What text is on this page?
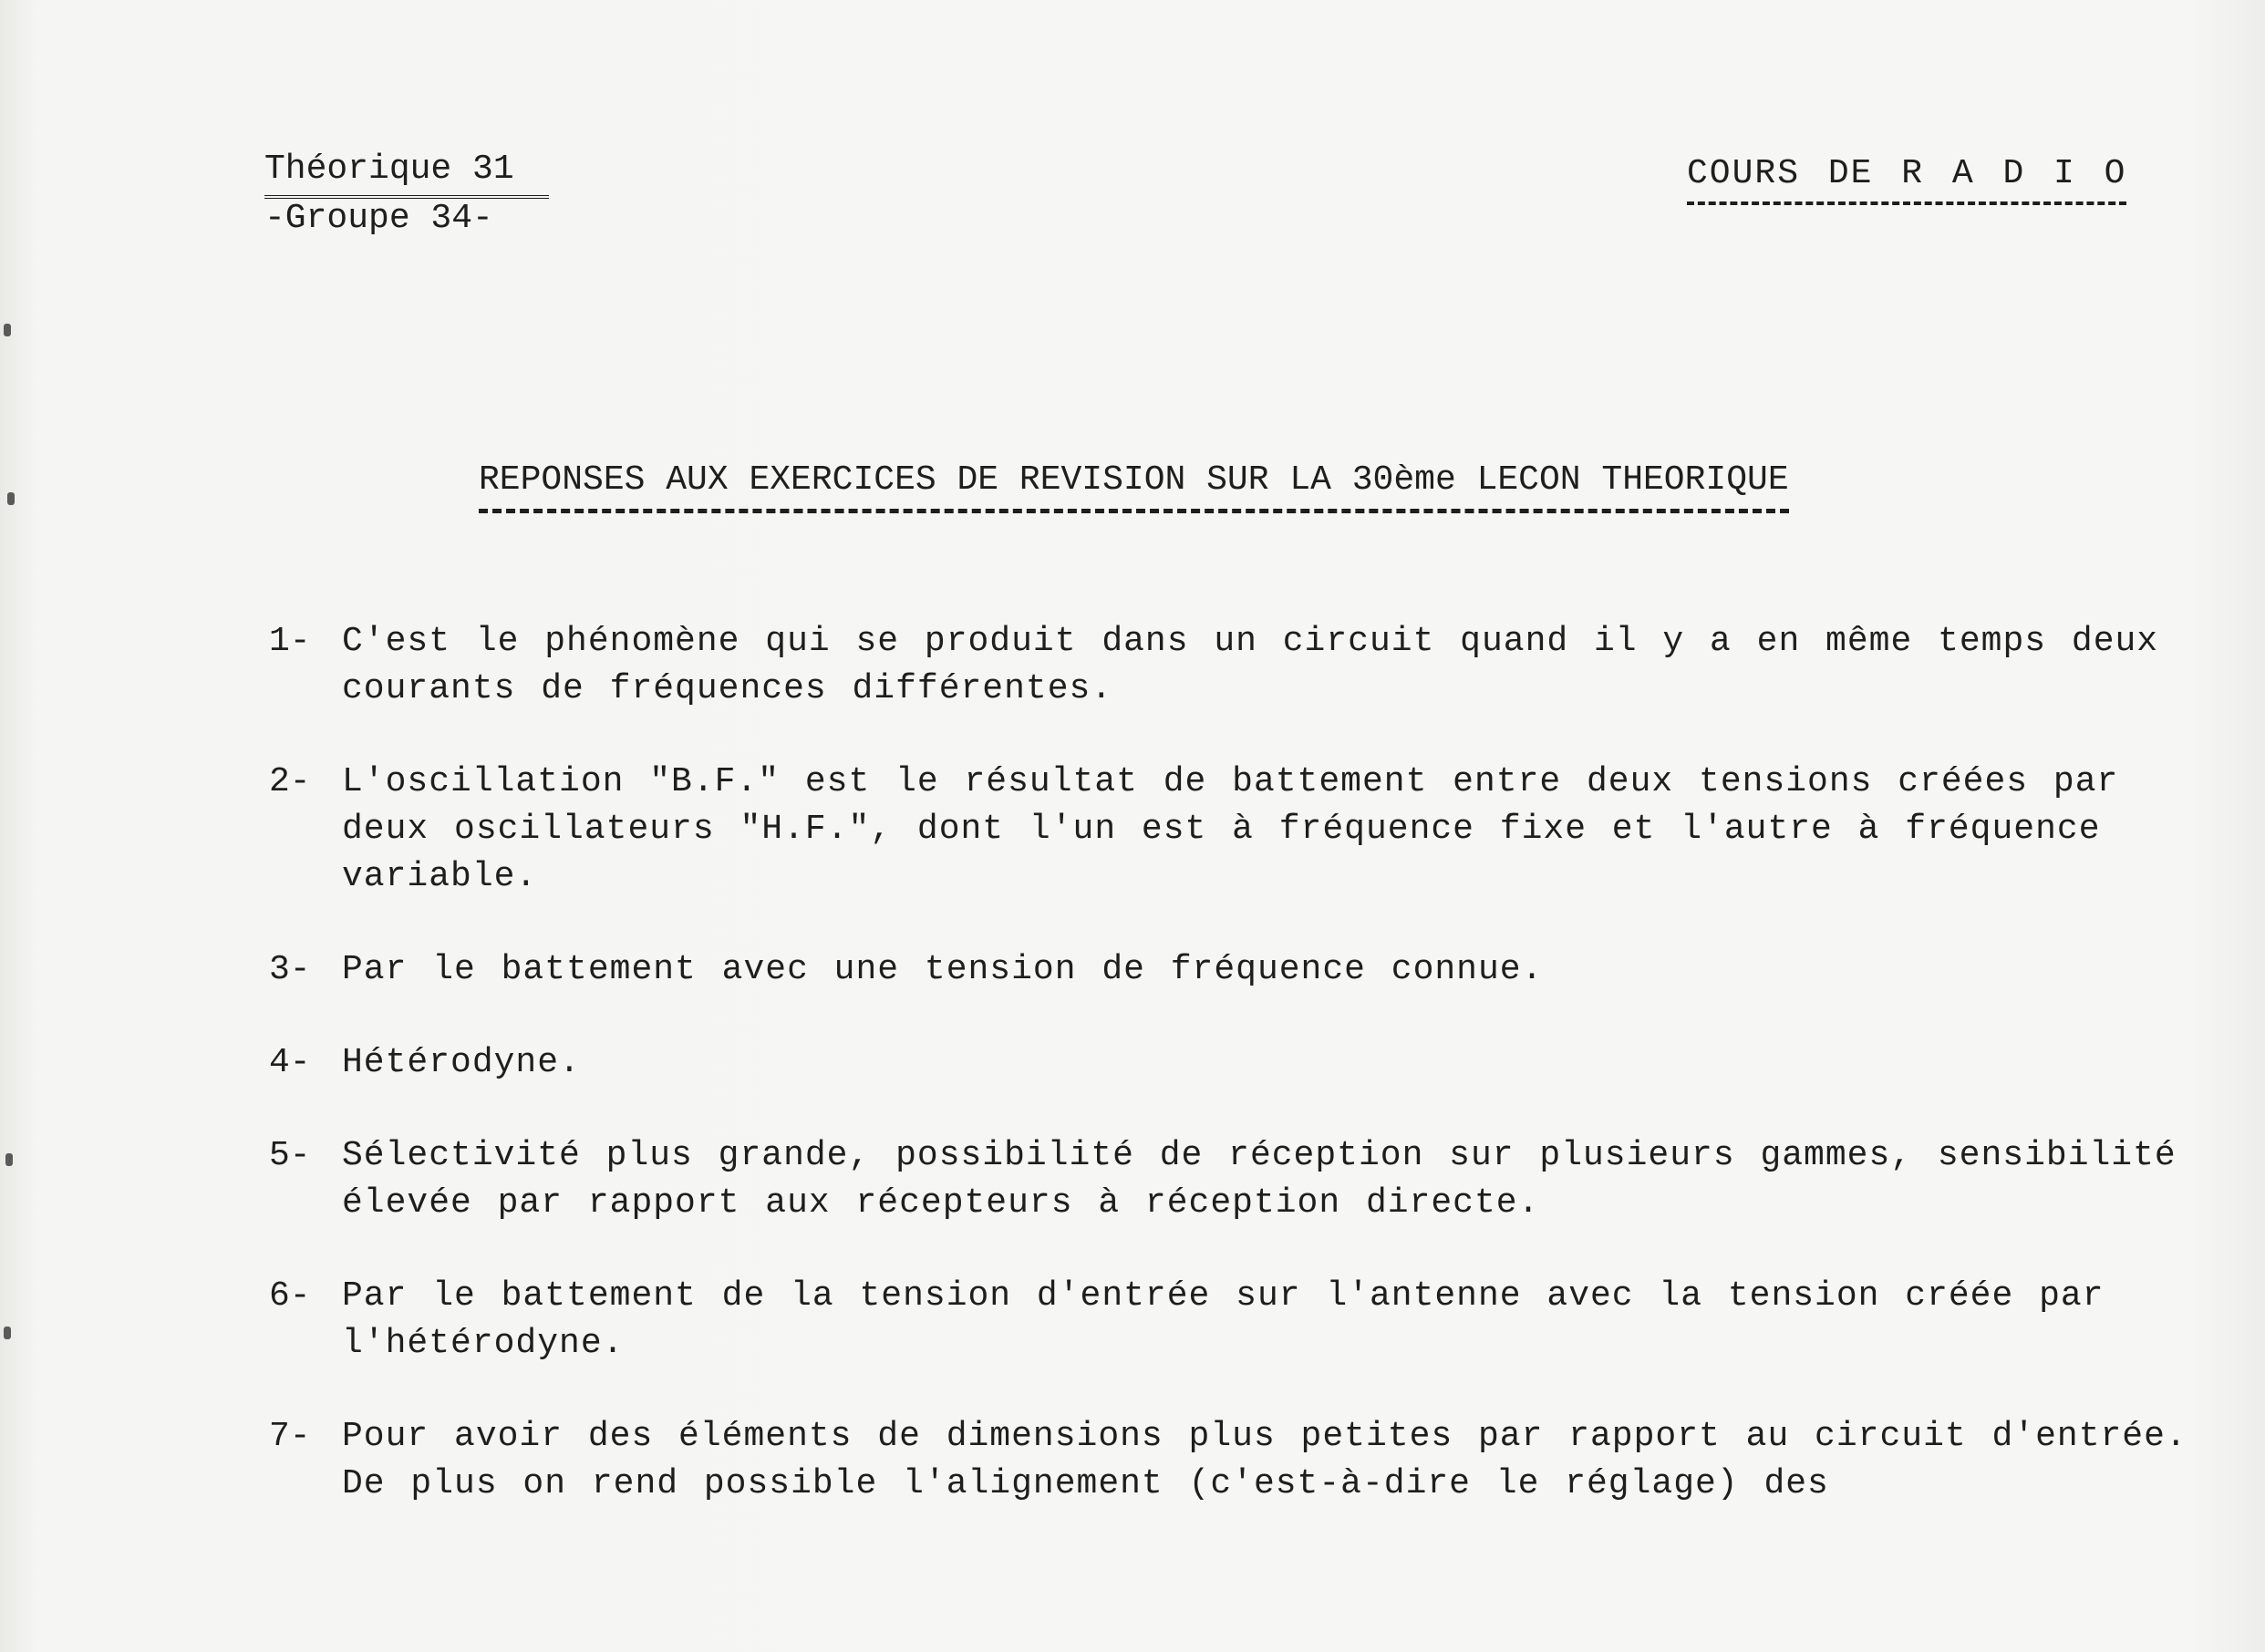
Théorique 31
-Groupe 34-
COURS DE R A D I O
REPONSES AUX EXERCICES DE REVISION SUR LA 30ème LECON THEORIQUE
1- C'est le phénomène qui se produit dans un circuit quand il y a en même temps deux courants de fréquences différentes.
2- L'oscillation "B.F." est le résultat de battement entre deux tensions créées par deux oscillateurs "H.F.", dont l'un est à fréquence fixe et l'autre à fréquence variable.
3- Par le battement avec une tension de fréquence connue.
4- Hétérodyne.
5- Sélectivité plus grande, possibilité de réception sur plusieurs gammes, sensibilité élevée par rapport aux récepteurs à réception directe.
6- Par le battement de la tension d'entrée sur l'antenne avec la tension créée par l'hétérodyne.
7- Pour avoir des éléments de dimensions plus petites par rapport au circuit d'entrée. De plus on rend possible l'alignement (c'est-à-dire le réglage) des
